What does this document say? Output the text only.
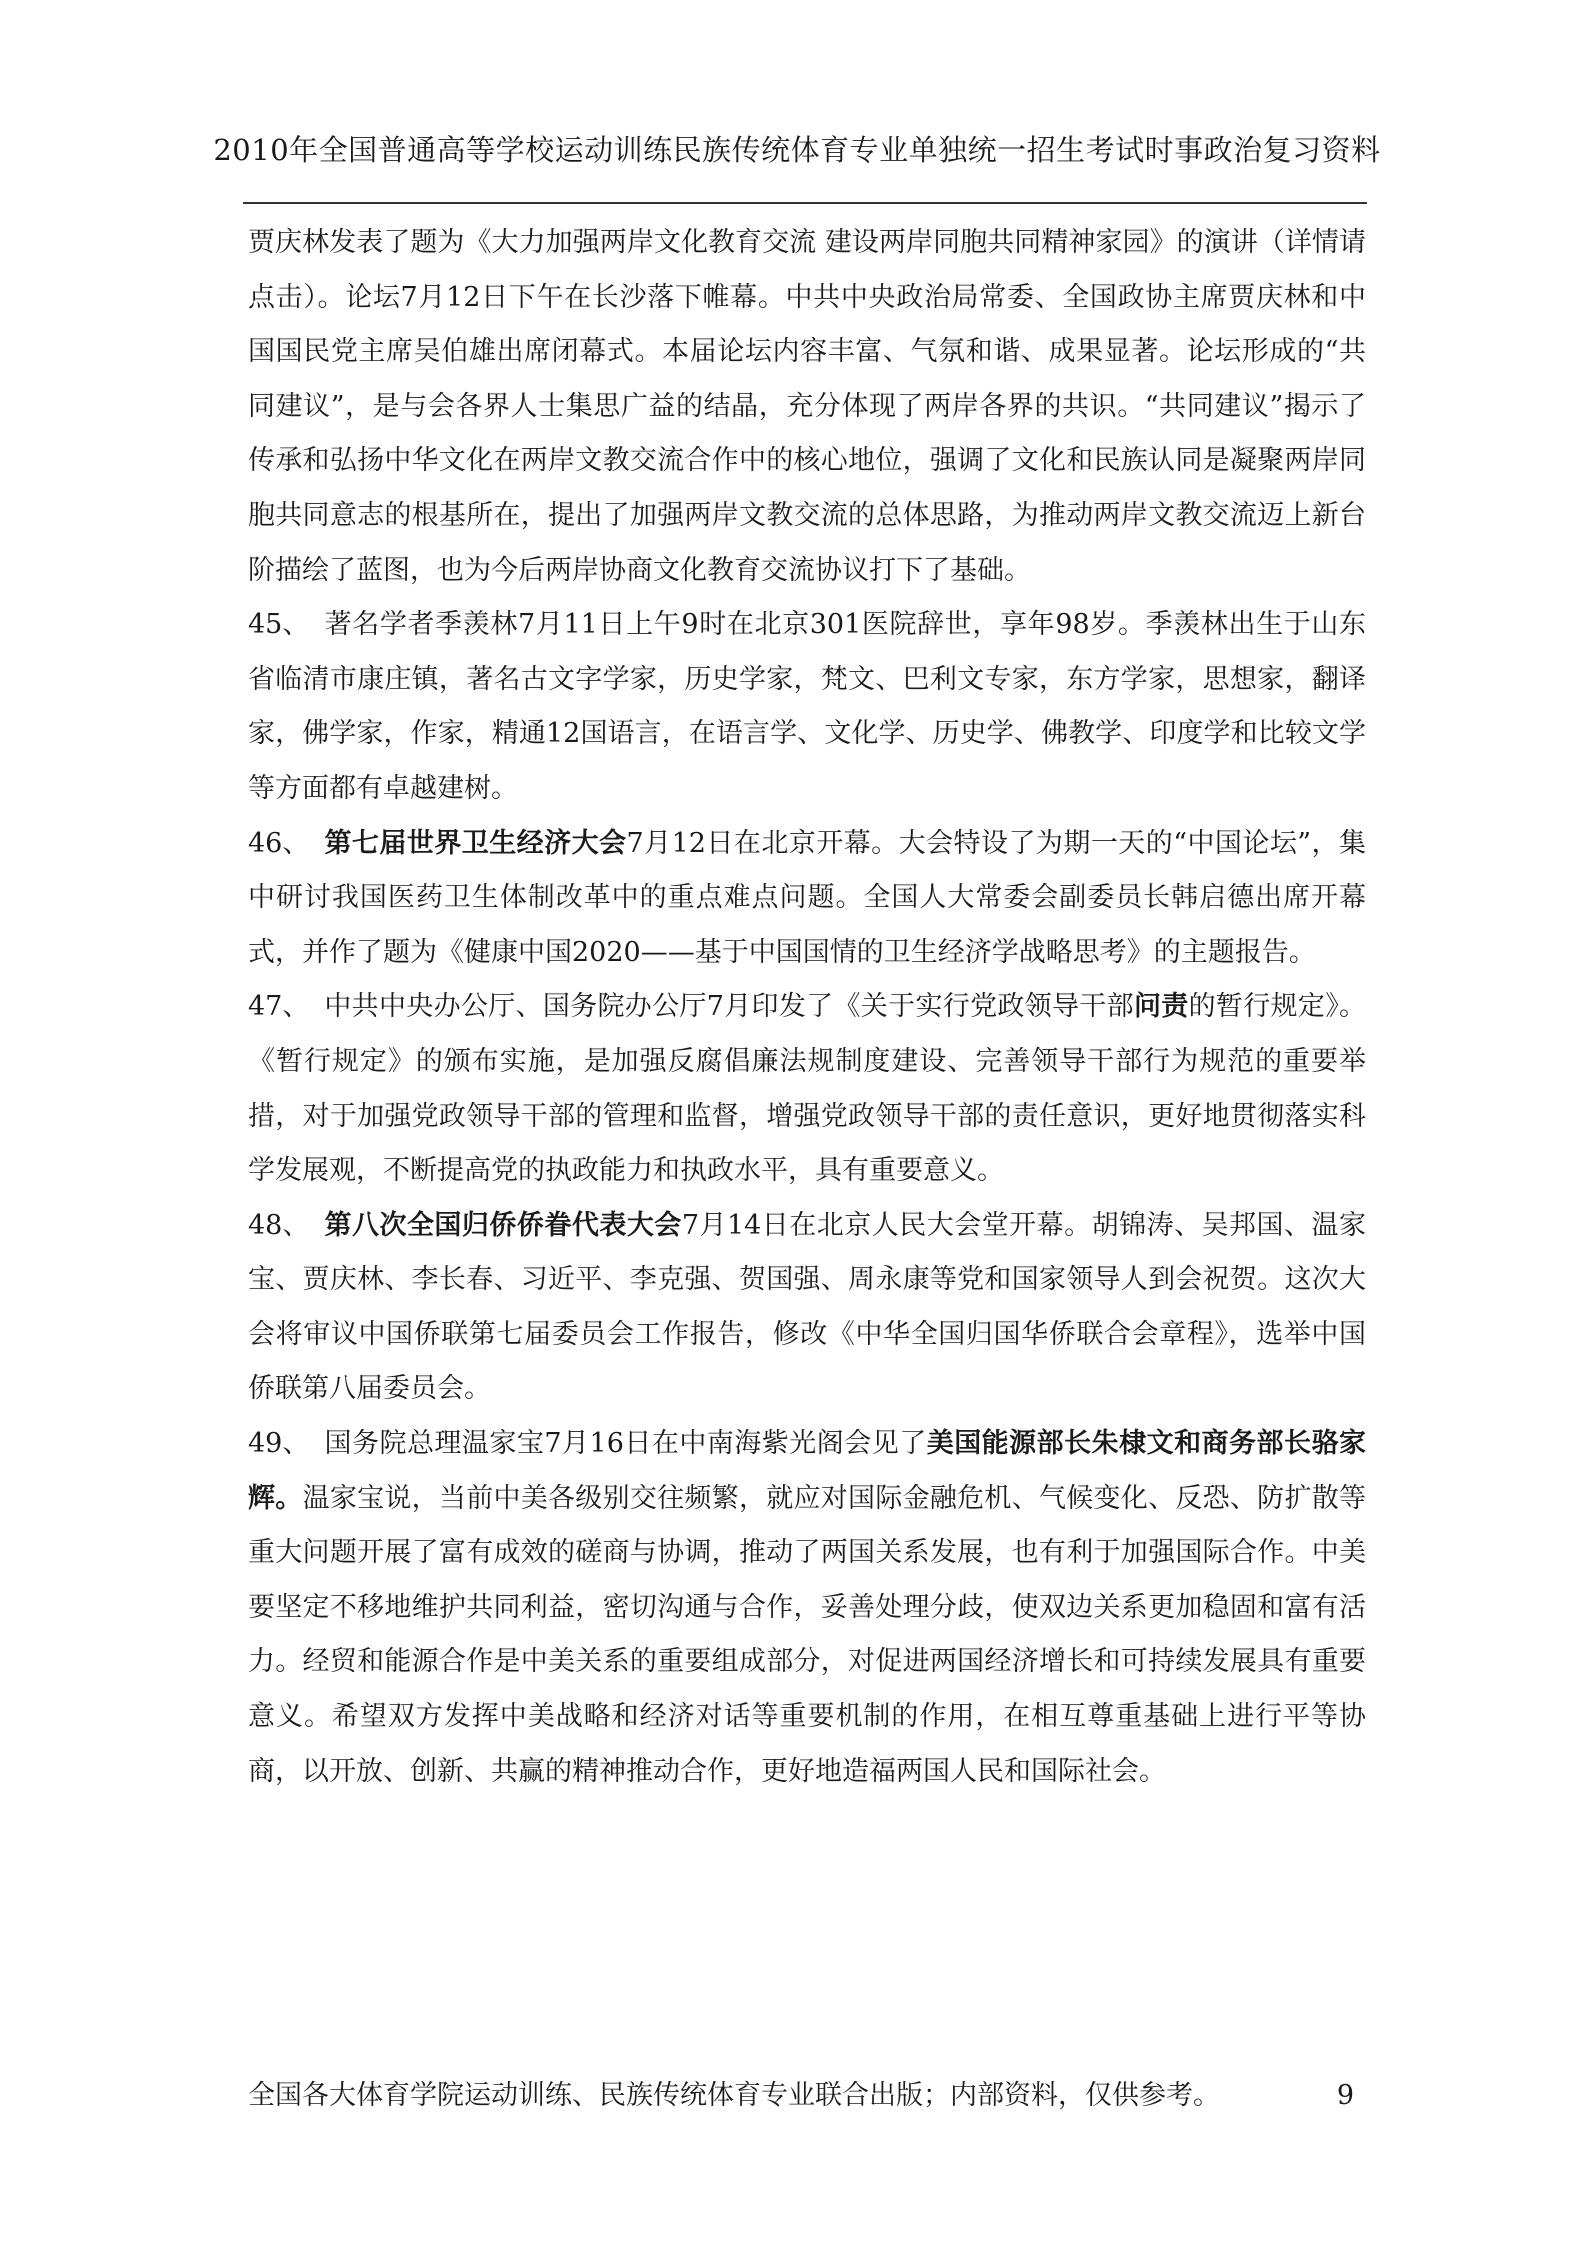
2010年全国普通高等学校运动训练民族传统体育专业单独统一招生考试时事政治复习资料

贾庆林发表了题为《大力加强两岸文化教育交流 建设两岸同胞共同精神家园》的演讲（详情请点击）。论坛7月12日下午在长沙落下帷幕。中共中央政治局常委、全国政协主席贾庆林和中国国民党主席吴伯雄出席闭幕式。本届论坛内容丰富、气氛和谐、成果显著。论坛形成的“共同建议”，是与会各界人士集思广益的结晶，充分体现了两岸各界的共识。“共同建议”揭示了传承和弘扬中华文化在两岸文教交流合作中的核心地位，强调了文化和民族认同是凝聚两岸同胞共同意志的根基所在，提出了加强两岸文教交流的总体思路，为推动两岸文教交流迈上新台阶描绘了蓝图，也为今后两岸协商文化教育交流协议打下了基础。

45、 著名学者季羡林7月11日上午9时在北京301医院辞世，享年98岁。季羡林出生于山东省临清市康庄镇，著名古文字学家，历史学家，梵文、巴利文专家，东方学家，思想家，翻译家，佛学家，作家，精通12国语言，在语言学、文化学、历史学、佛教学、印度学和比较文学等方面都有卓越建树。

46、 第七届世界卫生经济大会7月12日在北京开幕。大会特设了为期一天的“中国论坛”，集中研讨我国医药卫生体制改革中的重点难点问题。全国人大常委会副委员长韩启德出席开幕式，并作了题为《健康中国2020——基于中国国情的卫生经济学战略思考》的主题报告。

47、 中共中央办公厅、国务院办公厅7月印发了《关于实行党政领导干部问责的暂行规定》。《暂行规定》的颁布实施，是加强反腐倡廉法规制度建设、完善领导干部行为规范的重要举措，对于加强党政领导干部的管理和监督，增强党政领导干部的责任意识，更好地贯彻落实科学发展观，不断提高党的执政能力和执政水平，具有重要意义。

48、 第八次全国归侨侨眷代表大会7月14日在北京人民大会堂开幕。胡锦涛、吴邦国、温家宝、贾庆林、李长春、习近平、李克强、贺国强、周永康等党和国家领导人到会祝贺。这次大会将审议中国侨联第七届委员会工作报告，修改《中华全国归国华侨联合会章程》，选举中国侨联第八届委员会。

49、 国务院总理温家宝7月16日在中南海紫光阁会见了美国能源部长朱棣文和商务部长骆家辉。温家宝说，当前中美各级别交往频繁，就应对国际金融危机、气候变化、反恐、防扩散等重大问题开展了富有成效的磋商与协调，推动了两国关系发展，也有利于加强国际合作。中美要坚定不移地维护共同利益，密切沟通与合作，妥善处理分歧，使双边关系更加稳固和富有活力。经贸和能源合作是中美关系的重要组成部分，对促进两国经济增长和可持续发展具有重要意义。希望双方发挥中美战略和经济对话等重要机制的作用，在相互尊重基础上进行平等协商，以开放、创新、共赢的精神推动合作，更好地造福两国人民和国际社会。

全国各大体育学院运动训练、民族传统体育专业联合出版；内部资料，仅供参考。	9
